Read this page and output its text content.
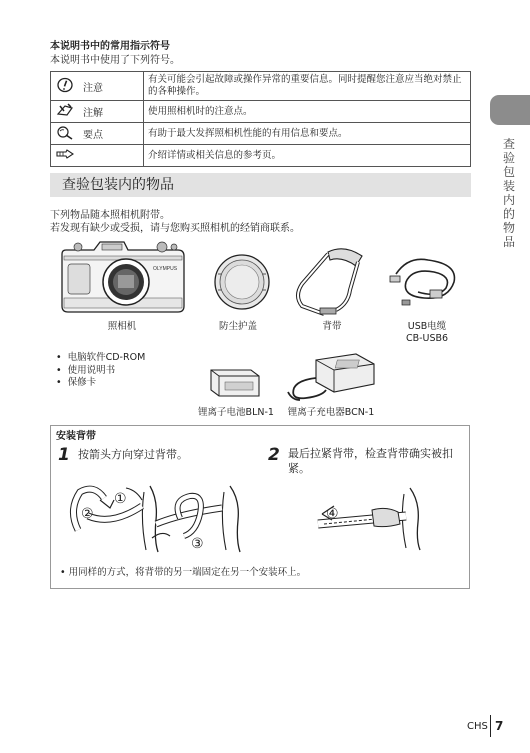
本说明书中的常用指示符号
本说明书中使用了下列符号。
	注意	有关可能会引起故障或操作异常的重要信息。同时提醒您注意应当绝对禁止的各种操作。
	注解	使用照相机时的注意点。
	要点	有助于最大发挥照相机性能的有用信息和要点。
		介绍详情或相关信息的参考页。
查验包装内的物品
查验包装内的物品
下列物品随本照相机附带。
若发现有缺少或受损，请与您购买照相机的经销商联系。
OLYMPUS
照相机	防尘护盖	背带	USB电缆
CB-USB6
• 电脑软件CD-ROM
• 使用说明书
• 保修卡
锂离子电池BLN-1	锂离子充电器BCN-1
安装背带
1 按箭头方向穿过背带。	2 最后拉紧背带，检查背带确实被扣
紧。
①
②
③
④
• 用同样的方式，将背带的另一端固定在另一个安装环上。
CHS 7
